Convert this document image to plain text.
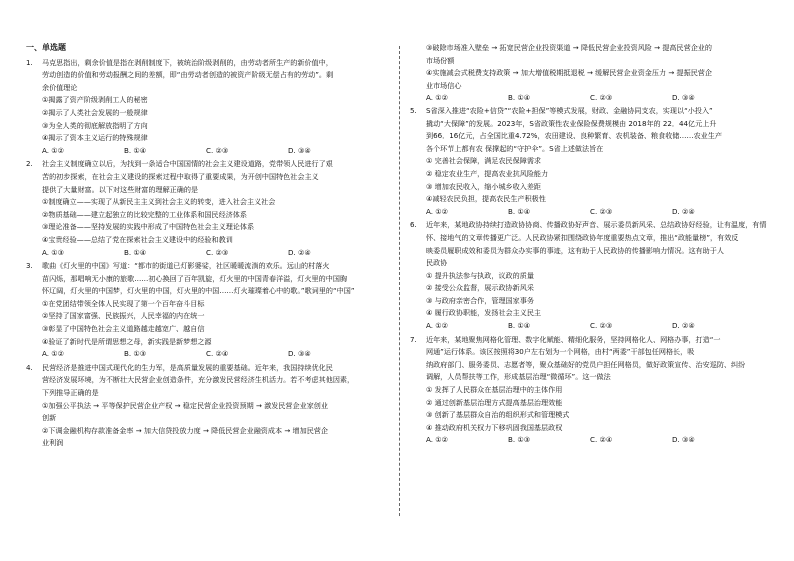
一、单选题
1.	马克思指出，剩余价值是指在剥削制度下，被统治阶级剥削的，由劳动者所生产的新价值中，
劳动创造的价值和劳动报酬之间的差额，即“由劳动者创造的被资产阶级无偿占有的劳动”。剩
余价值理论
①揭露了资产阶级剥削工人的秘密
②揭示了人类社会发展的一般规律
③为全人类的彻底解放指明了方向
④揭示了资本主义运行的特殊规律
A. ①②	B. ①④	C. ②③	D. ③④
2.	社会主义制度确立以后，为找到一条适合中国国情的社会主义建设道路，党带领人民进行了艰
苦的初步探索，在社会主义建设的探索过程中取得了重要成果，为开创中国特色社会主义
提供了大量财富。以下对这些财富的理解正确的是
①制度确立——实现了从新民主主义到社会主义的转变，进入社会主义社会
②物质基础——建立起独立的比较完整的工业体系和国民经济体系
③理论准备——坚持发展的实践中形成了中国特色社会主义理论体系
④宝贵经验——总结了党在探索社会主义建设中的经验和教训
A. ①③	B. ①④	C. ②③	D. ②④
3.	歌曲《灯火里的中国》写道：“都市的街道已灯影婆娑，社区暖暖流淌的欢乐。远山的村落火
苗闪烁，那唱响无小康的旅歌……初心换回了百年凯旋，灯火里的中国青春洋溢，灯火里的中国胸
怀辽阔，灯火里的中国梦，灯火里的中国，灯火里的中国……灯火璀璨着心中的歌。”歌词里的“中国”
①在党团结带领全体人民实现了第一个百年奋斗目标
②坚持了国家富强、民族振兴，人民幸福的内在统一
③彰显了中国特色社会主义道路越走越宽广、越自信
④验证了新时代是所谓思想之母，新实践是新梦想之源
A. ①②	B. ①③	C. ②④	D. ③④
4.	民营经济是推进中国式现代化的生力军，是高质量发展的重要基础。近年来，我国持续优化民
营经济发展环境，为不断壮大民营企业创造条件，充分激发民营经济生机活力。若不考虑其他因素，
下列推导正确的是
①加强公平执法 → 平等保护民营企业产权 → 稳定民营企业投资预期 → 激发民营企业家创业
创新
②下调金融机构存款准备金率 → 加大信贷投放力度 → 降低民营企业融资成本 → 增加民营企
业利润
③破除市场准入壁垒 → 拓宽民营企业投资渠道 → 降低民营企业投资风险 → 提高民营企业的
市场份额
④实施减会式税费支持政策 → 加大增值税期抵退税 → 缓解民营企业资金压力 → 提振民营企
业市场信心
A. ①②	B. ①④	C. ②③	D. ③④
5.	S省深入推进“农险+信贷”“农险+担保”等模式发展，财政、金融协同支农，实现以“小投入”
撬动“大保障”的发展。2023年，S省政策性农业保险保费规模由 2018年的 22．44亿元上升
到66．16亿元，占全国比重4.72%，农田建设、良种繁育、农机装备、粮食收储……农业生产
各个环节上都有农 保撑起的“守护伞”。S省上述做法旨在
① 完善社会保障，满足农民保障需求
② 稳定农业生产，提高农业抗风险能力
③ 增加农民收入，缩小城乡收入差距
④减轻农民负担，提高农民生产积极性
A. ①②	B. ①④	C. ②③	D. ②④
6.	近年来，某地政协持续打造政协协商、传播政协好声音、展示委员新风采、总结政协好经验，让有温度，有情
怀、接地气的文章传播更广泛。人民政协紧扣围绕政协年度重要热点文章，推出“政能量榜”，有效反
映委员履职成效和委员为群众办实事的事迹，这有助于人民政协的传播影响力情况。这有助于人
民政协
① 提升执法参与执政，议政的质量
② 接受公众监督，展示政协新风采
③ 与政府亲密合作，管理国家事务
④ 履行政协职能，发扬社会主义民主
A. ①②	B. ①④	C. ②③	D. ②④
7.	近年来，某地聚焦网格化管理、数字化赋能、精细化服务，坚持网格化人、网格办事，打造“一
网通”运行体系。该区按照将30户左右划为一个网格，由村“两委”干部包任网格长，吸
纳政府部门、服务委员、志愿者等，聚众基础好的党员户担任网格员，做好政策宣传、治安巡防、纠纷
调解，人员帮扶等工作，形成基层治理“微循环”。这一做法
① 发挥了人民群众在基层治理中的主体作用
② 通过创新基层治理方式提高基层治理效能
③ 创新了基层群众自治的组织形式和管理模式
④ 推动政府机关权力下移巩固我国基层政权
A. ①②	B. ①③	C. ②④	D. ③④
